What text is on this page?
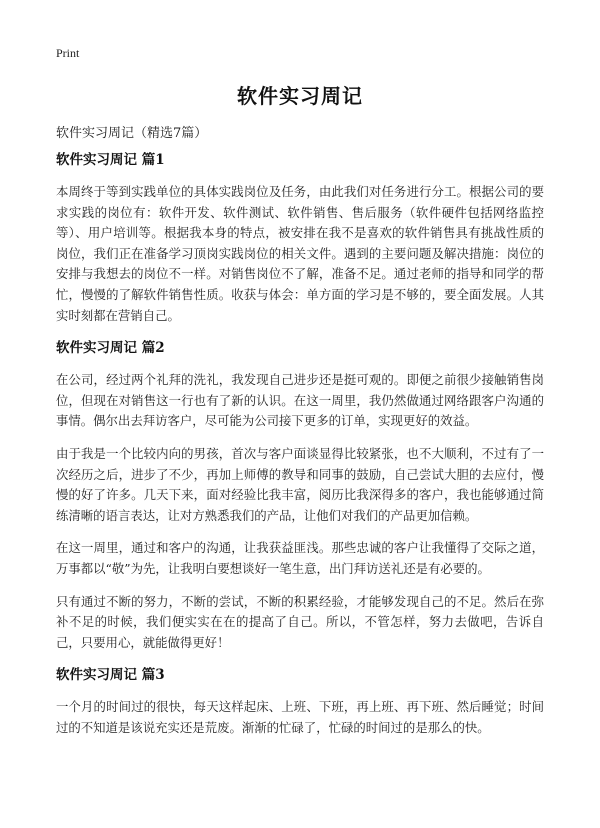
Print
软件实习周记
软件实习周记（精选7篇）
软件实习周记 篇1

本周终于等到实践单位的具体实践岗位及任务，由此我们对任务进行分工。根据公司的要求实践的岗位有：软件开发、软件测试、软件销售、售后服务（软件硬件包括网络监控等）、用户培训等。根据我本身的特点，被安排在我不是喜欢的软件销售具有挑战性质的岗位，我们正在准备学习顶岗实践岗位的相关文件。遇到的主要问题及解决措施：岗位的安排与我想去的岗位不一样。对销售岗位不了解，准备不足。通过老师的指导和同学的帮忙，慢慢的了解软件销售性质。收获与体会：单方面的学习是不够的，要全面发展。人其实时刻都在营销自己。

软件实习周记 篇2

在公司，经过两个礼拜的洗礼，我发现自己进步还是挺可观的。即便之前很少接触销售岗位，但现在对销售这一行也有了新的认识。在这一周里，我仍然做通过网络跟客户沟通的事情。偶尔出去拜访客户，尽可能为公司接下更多的订单，实现更好的效益。

由于我是一个比较内向的男孩，首次与客户面谈显得比较紧张，也不大顺利，不过有了一次经历之后，进步了不少，再加上师傅的教导和同事的鼓励，自己尝试大胆的去应付，慢慢的好了许多。几天下来，面对经验比我丰富，阅历比我深得多的客户，我也能够通过简练清晰的语言表达，让对方熟悉我们的产品，让他们对我们的产品更加信赖。

在这一周里，通过和客户的沟通，让我获益匪浅。那些忠诚的客户让我懂得了交际之道，万事都以“敬”为先，让我明白要想谈好一笔生意，出门拜访送礼还是有必要的。

只有通过不断的努力，不断的尝试，不断的积累经验，才能够发现自己的不足。然后在弥补不足的时候，我们便实实在在的提高了自己。所以，不管怎样，努力去做吧，告诉自己，只要用心，就能做得更好！

软件实习周记 篇3

一个月的时间过的很快，每天这样起床、上班、下班，再上班、再下班、然后睡觉；时间过的不知道是该说充实还是荒废。渐渐的忙碌了，忙碌的时间过的是那么的快。
